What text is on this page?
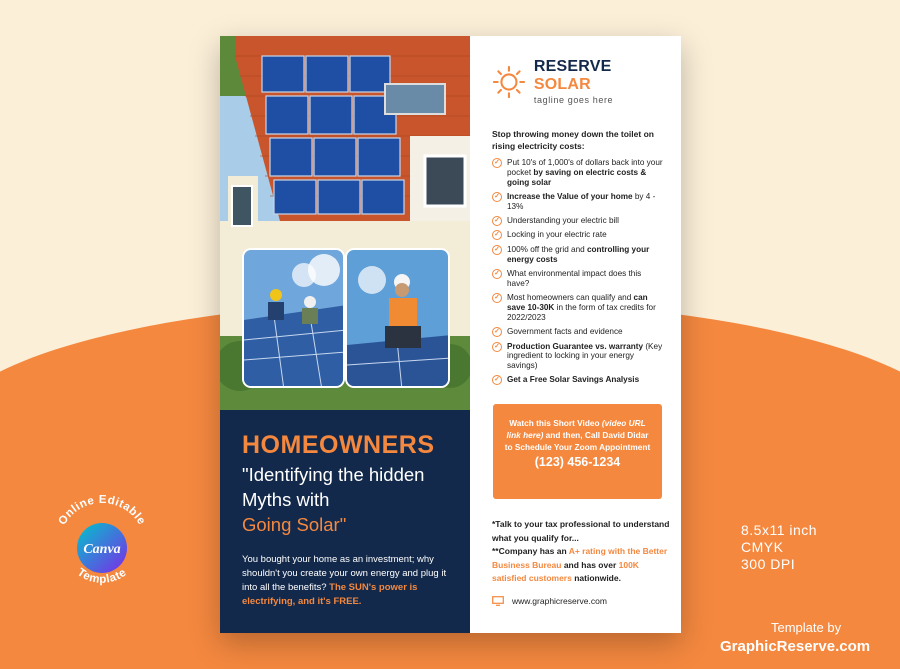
HOMEOWNERS
"Identifying the hidden Myths with
Going Solar"
You bought your home as an investment; why shouldn't you create your own energy and plug it into all the benefits? The SUN's power is electrifying, and it's FREE.
RESERVE SOLAR
tagline goes here
Stop throwing money down the toilet on rising electricity costs:
✓ Put 10's of 1,000's of dollars back into your pocket by saving on electric costs & going solar
✓ Increase the Value of your home by 4 - 13%
✓ Understanding your electric bill
✓ Locking in your electric rate
✓ 100% off the grid and controlling your energy costs
✓ What environmental impact does this have?
✓ Most homeowners can qualify and can save 10-30K in the form of tax credits for 2022/2023
✓ Government facts and evidence
✓ Production Guarantee vs. warranty (Key ingredient to locking in your energy savings)
✓ Get a Free Solar Savings Analysis
Watch this Short Video (video URL link here) and then, Call David Didar to Schedule Your Zoom Appointment
(123) 456-1234
*Talk to your tax professional to understand what you qualify for...
**Company has an A+ rating with the Better Business Bureau and has over 100K satisfied customers nationwide.
www.graphicreserve.com
Online Editable
Template
Canva
8.5x11 inch
CMYK
300 DPI
Template by
GraphicReserve.com
